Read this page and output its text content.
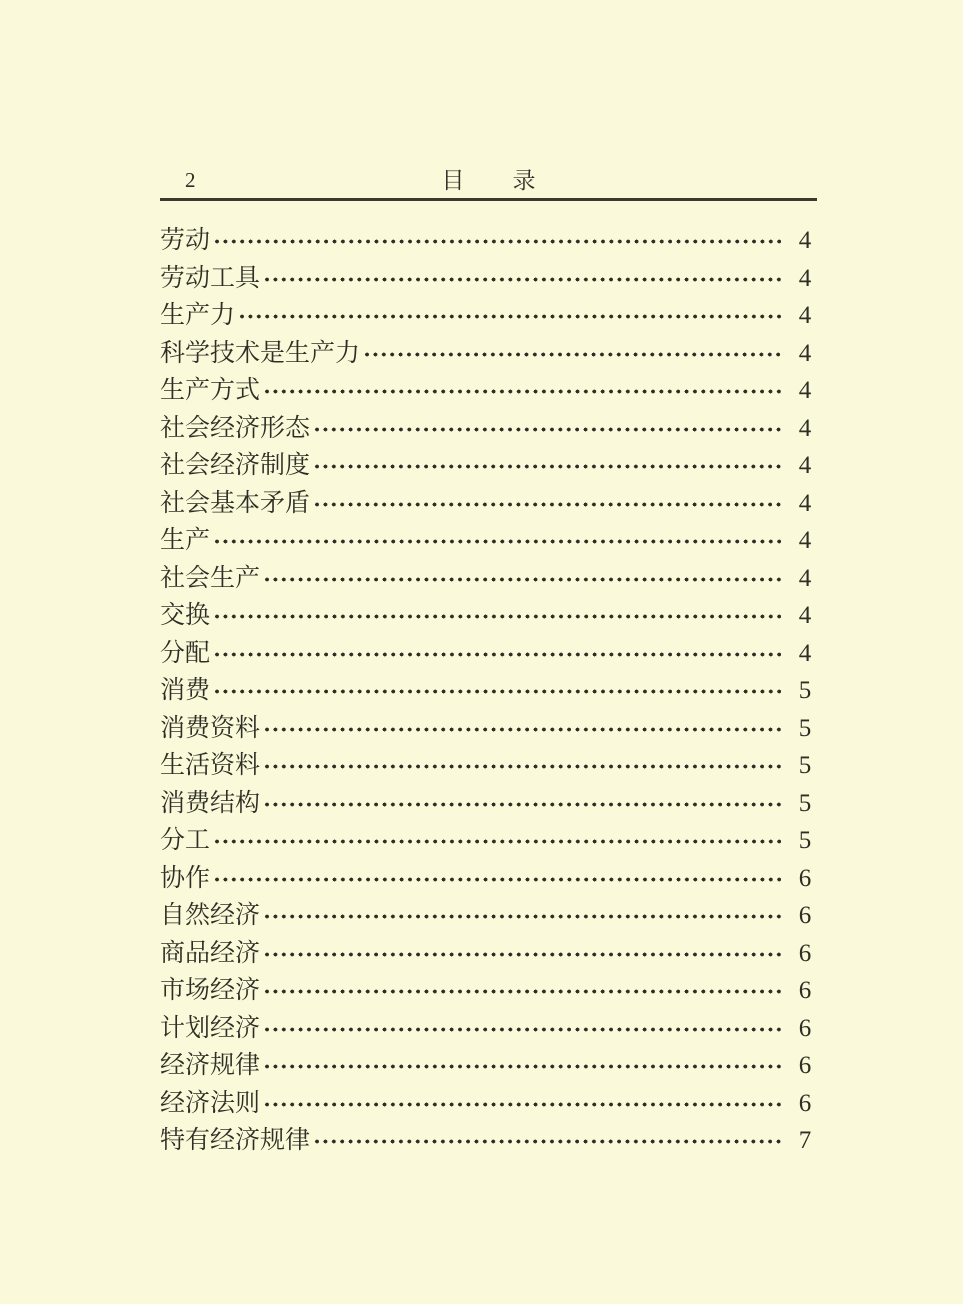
2	目录
劳动	4
劳动工具	4
生产力	4
科学技术是生产力	4
生产方式	4
社会经济形态	4
社会经济制度	4
社会基本矛盾	4
生产	4
社会生产	4
交换	4
分配	4
消费	5
消费资料	5
生活资料	5
消费结构	5
分工	5
协作	6
自然经济	6
商品经济	6
市场经济	6
计划经济	6
经济规律	6
经济法则	6
特有经济规律	7
